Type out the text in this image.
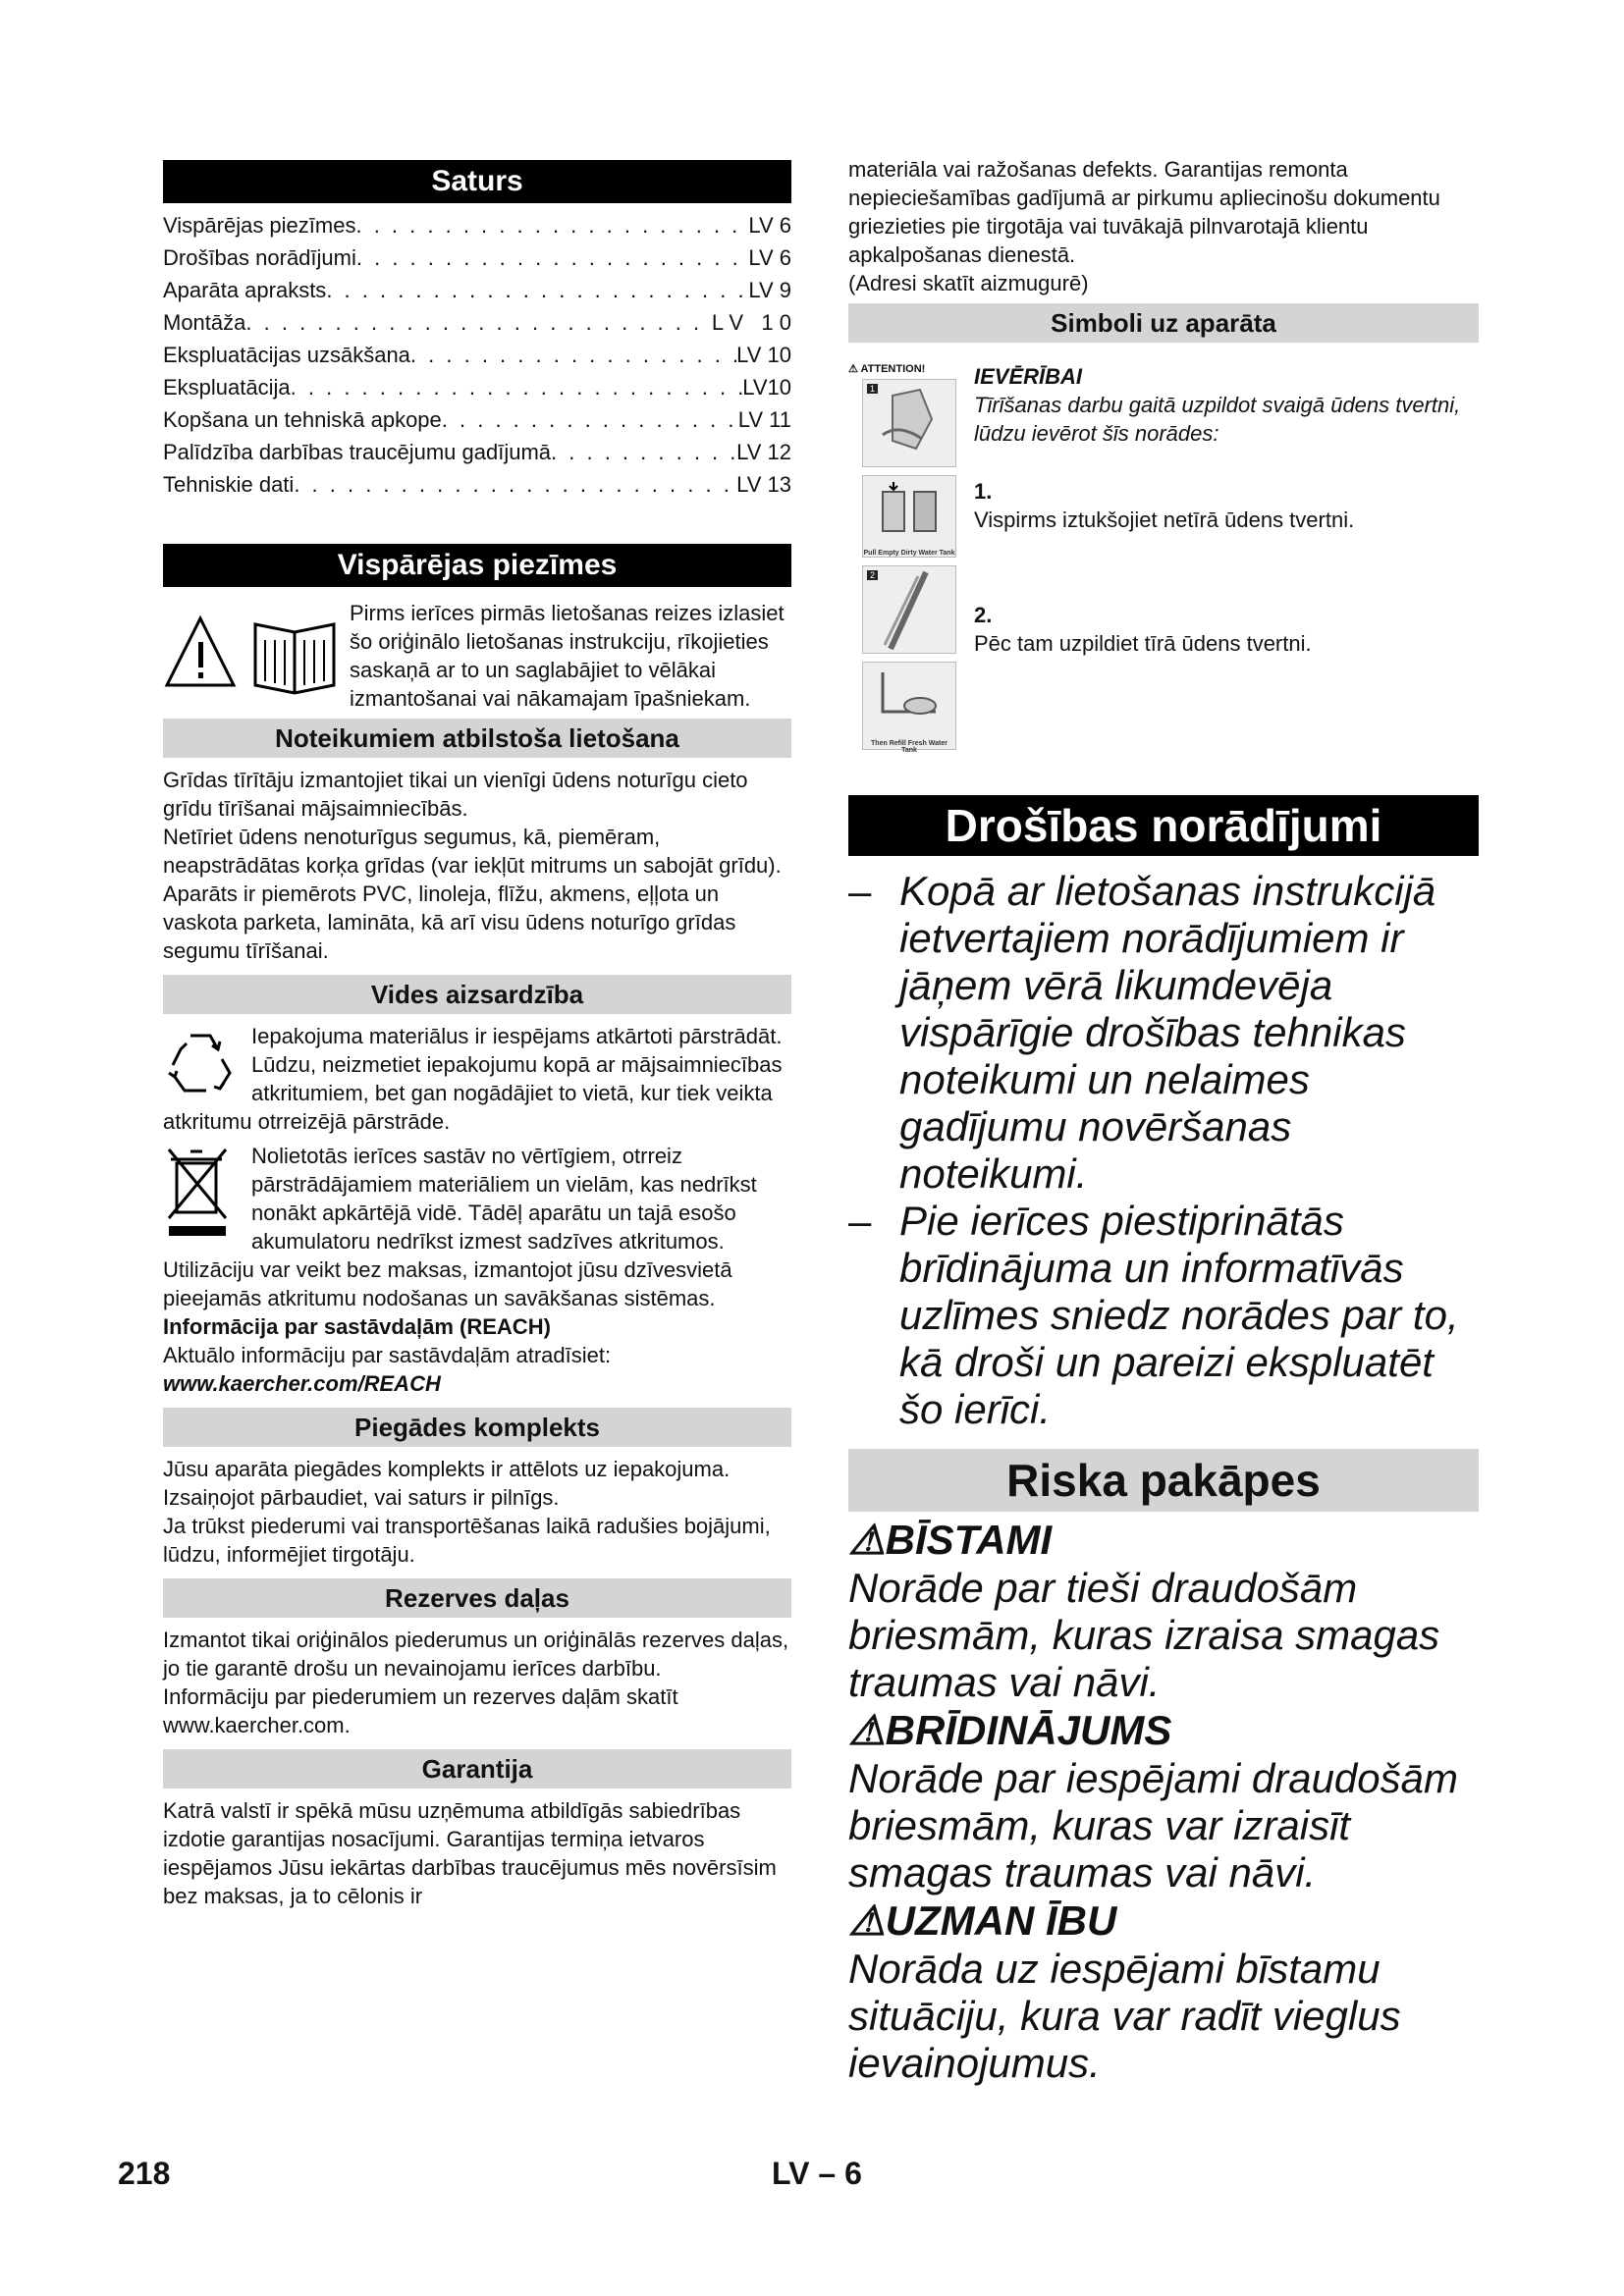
Saturs
Vispārējas piezīmes . . .	LV 6
Drošības norādījumi . . .	LV 6
Aparāta apraksts . . .	LV 9
Montāža . . .	L V   1 0
Ekspluatācijas uzsākšana . . .	LV 10
Ekspluatācija . . .	LV10
Kopšana un tehniskā apkope . . .	LV 11
Palīdzība darbības traucējumu gadījumā . . .	LV 12
Tehniskie dati . . .	LV 13
Vispārējas piezīmes

Pirms ierīces pirmās lietošanas reizes izlasiet šo oriģinālo lietošanas instrukciju, rīkojieties saskaņā ar to un saglabājiet to vēlākai izmantošanai vai nākamajam īpašniekam.

Noteikumiem atbilstoša lietošana

Grīdas tīrītāju izmantojiet tikai un vienīgi ūdens noturīgu cieto grīdu tīrīšanai mājsaimniecībās.

Netīriet ūdens nenoturīgus segumus, kā, piemēram, neapstrādātas korķa grīdas (var iekļūt mitrums un sabojāt grīdu).

Aparāts ir piemērots PVC, linoleja, flīžu, akmens, eļļota un vaskota parketa, lamināta, kā arī visu ūdens noturīgo grīdas segumu tīrīšanai.

Vides aizsardzība

Iepakojuma materiālus ir iespējams atkārtoti pārstrādāt. Lūdzu, neizmetiet iepakojumu kopā ar mājsaimniecības atkritumiem, bet gan nogādājiet to vietā, kur tiek veikta atkritumu otrreizējā pārstrāde.

Nolietotās ierīces sastāv no vērtīgiem, otrreiz pārstrādājamiem materiāliem un vielām, kas nedrīkst nonākt apkārtējā vidē. Tādēļ aparātu un tajā esošo akumulatoru nedrīkst izmest sadzīves atkritumos. Utilizāciju var veikt bez maksas, izmantojot jūsu dzīvesvietā pieejamās atkritumu nodošanas un savākšanas sistēmas.

Informācija par sastāvdaļām (REACH)

Aktuālo informāciju par sastāvdaļām atradīsiet:

www.kaercher.com/REACH

Piegādes komplekts

Jūsu aparāta piegādes komplekts ir attēlots uz iepakojuma. Izsaiņojot pārbaudiet, vai saturs ir pilnīgs.

Ja trūkst piederumi vai transportēšanas laikā radušies bojājumi, lūdzu, informējiet tirgotāju.

Rezerves daļas

Izmantot tikai oriģinālos piederumus un oriģinālās rezerves daļas, jo tie garantē drošu un nevainojamu ierīces darbību.

Informāciju par piederumiem un rezerves daļām skatīt www.kaercher.com.

Garantija

Katrā valstī ir spēkā mūsu uzņēmuma atbildīgās sabiedrības izdotie garantijas nosacījumi. Garantijas termiņa ietvaros iespējamos Jūsu iekārtas darbības traucējumus mēs novērsīsim bez maksas, ja to cēlonis ir

materiāla vai ražošanas defekts. Garantijas remonta nepieciešamības gadījumā ar pirkumu apliecinošu dokumentu griezieties pie tirgotāja vai tuvākajā pilnvarotajā klientu apkalpošanas dienestā.

(Adresi skatīt aizmugurē)

Simboli uz aparāta
⚠ ATTENTION!
1
Pull Empty Dirty Water Tank
2
Then Refill Fresh Water Tank

IEVĒRĪBAI

Tīrīšanas darbu gaitā uzpildot svaigā ūdens tvertni, lūdzu ievērot šīs norādes:

1.

Vispirms iztukšojiet netīrā ūdens tvertni.

2.

Pēc tam uzpildiet tīrā ūdens tvertni.

Drošības norādījumi
– Kopā ar lietošanas instrukcijā ietvertajiem norādījumiem ir jāņem vērā likumdevēja vispārīgie drošības tehnikas noteikumi un nelaimes gadījumu novēršanas noteikumi.
– Pie ierīces piestiprinātās brīdinājuma un informatīvās uzlīmes sniedz norādes par to, kā droši un pareizi ekspluatēt šo ierīci.
Riska pakāpes

⚠BĪSTAMI

Norāde par tieši draudošām briesmām, kuras izraisa smagas traumas vai nāvi.

⚠BRĪDINĀJUMS

Norāde par iespējami draudošām briesmām, kuras var izraisīt smagas traumas vai nāvi.

⚠UZMAN ĪBU

Norāda uz iespējami bīstamu situāciju, kura var radīt vieglus ievainojumus.

218	LV – 6
